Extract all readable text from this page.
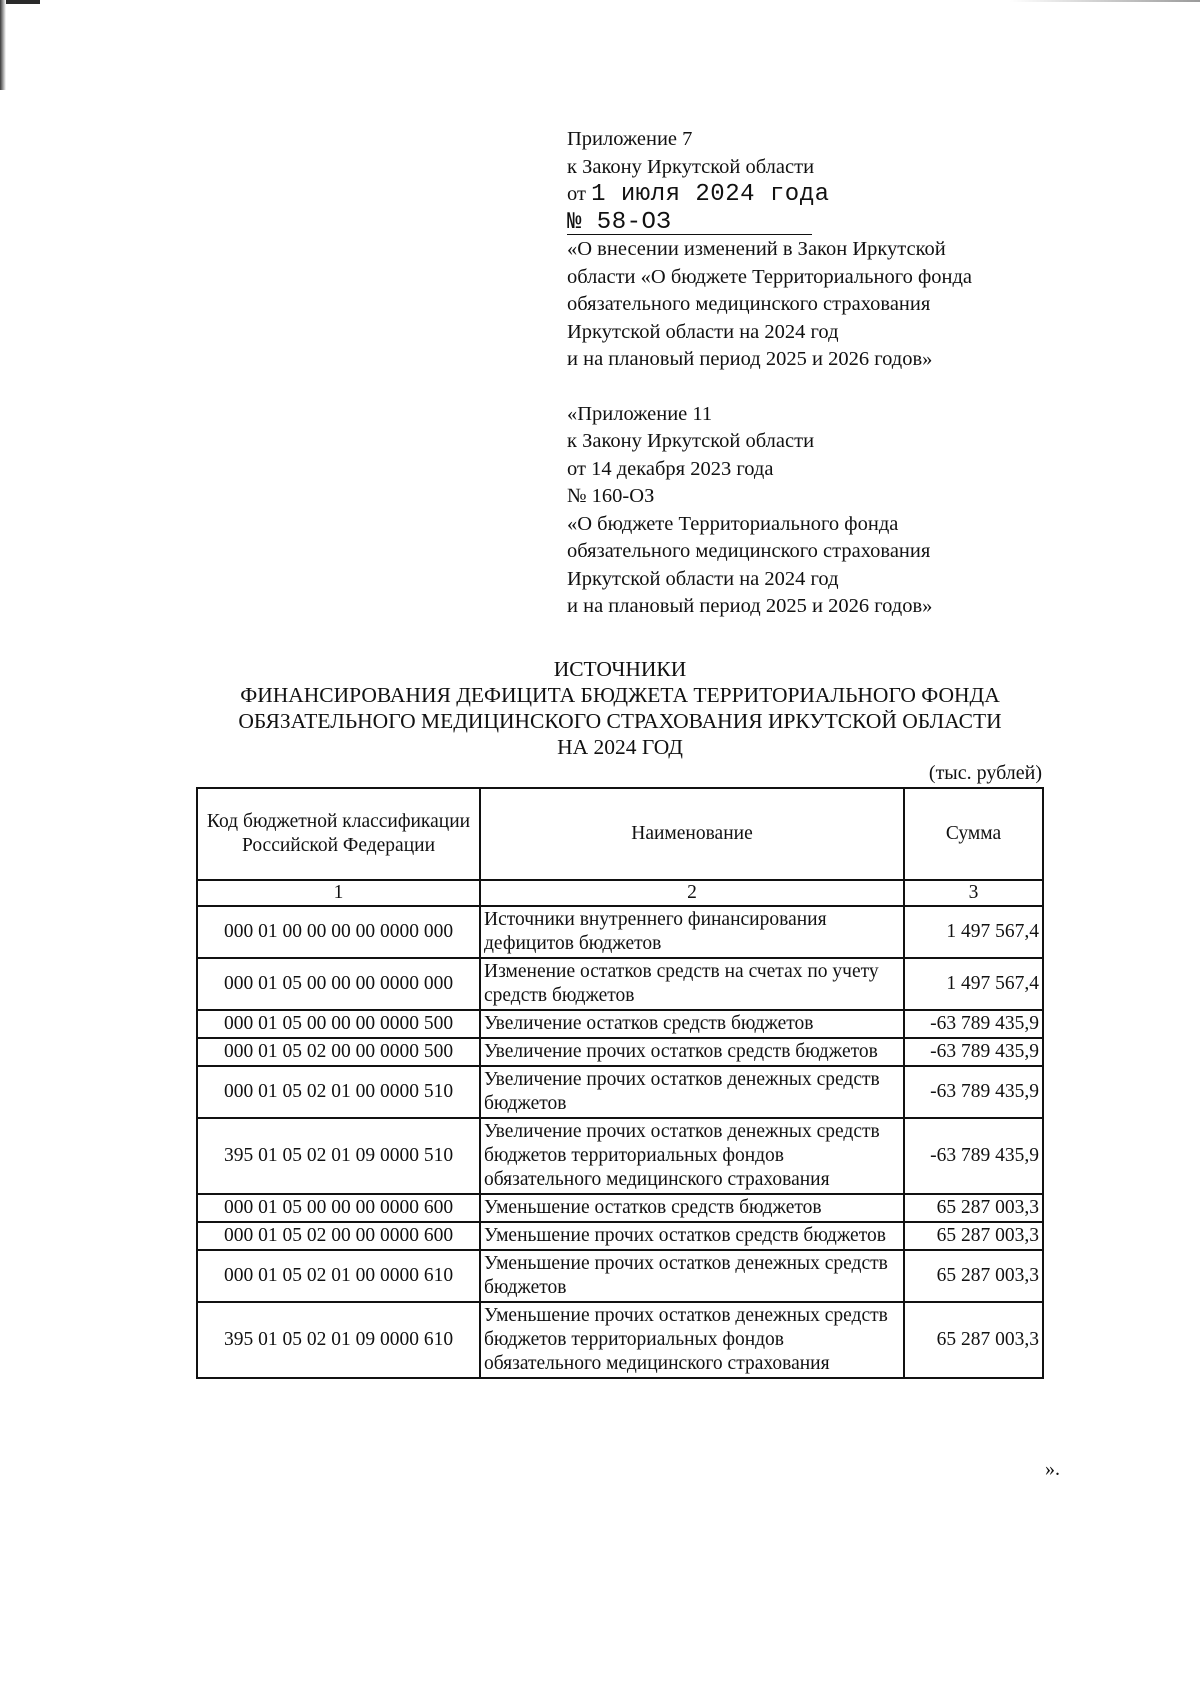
Приложение 7
к Закону Иркутской области
от 1 июля 2024 года
№ 58-ОЗ
«О внесении изменений в Закон Иркутской
области «О бюджете Территориального фонда
обязательного медицинского страхования
Иркутской области на 2024 год
и на плановый период 2025 и 2026 годов»
«Приложение 11
к Закону Иркутской области
от 14 декабря 2023 года
№ 160-ОЗ
«О бюджете Территориального фонда
обязательного медицинского страхования
Иркутской области на 2024 год
и на плановый период 2025 и 2026 годов»
ИСТОЧНИКИ
ФИНАНСИРОВАНИЯ ДЕФИЦИТА БЮДЖЕТА ТЕРРИТОРИАЛЬНОГО ФОНДА
ОБЯЗАТЕЛЬНОГО МЕДИЦИНСКОГО СТРАХОВАНИЯ ИРКУТСКОЙ ОБЛАСТИ
НА 2024 ГОД
(тыс. рублей)
Код бюджетной классификации Российской Федерации	Наименование	Сумма
1	2	3
000 01 00 00 00 00 0000 000	Источники внутреннего финансирования дефицитов бюджетов	1 497 567,4
000 01 05 00 00 00 0000 000	Изменение остатков средств на счетах по учету средств бюджетов	1 497 567,4
000 01 05 00 00 00 0000 500	Увеличение остатков средств бюджетов	-63 789 435,9
000 01 05 02 00 00 0000 500	Увеличение прочих остатков средств бюджетов	-63 789 435,9
000 01 05 02 01 00 0000 510	Увеличение прочих остатков денежных средств бюджетов	-63 789 435,9
395 01 05 02 01 09 0000 510	Увеличение прочих остатков денежных средств бюджетов территориальных фондов обязательного медицинского страхования	-63 789 435,9
000 01 05 00 00 00 0000 600	Уменьшение остатков средств бюджетов	65 287 003,3
000 01 05 02 00 00 0000 600	Уменьшение прочих остатков средств бюджетов	65 287 003,3
000 01 05 02 01 00 0000 610	Уменьшение прочих остатков денежных средств бюджетов	65 287 003,3
395 01 05 02 01 09 0000 610	Уменьшение прочих остатков денежных средств бюджетов территориальных фондов обязательного медицинского страхования	65 287 003,3
».
